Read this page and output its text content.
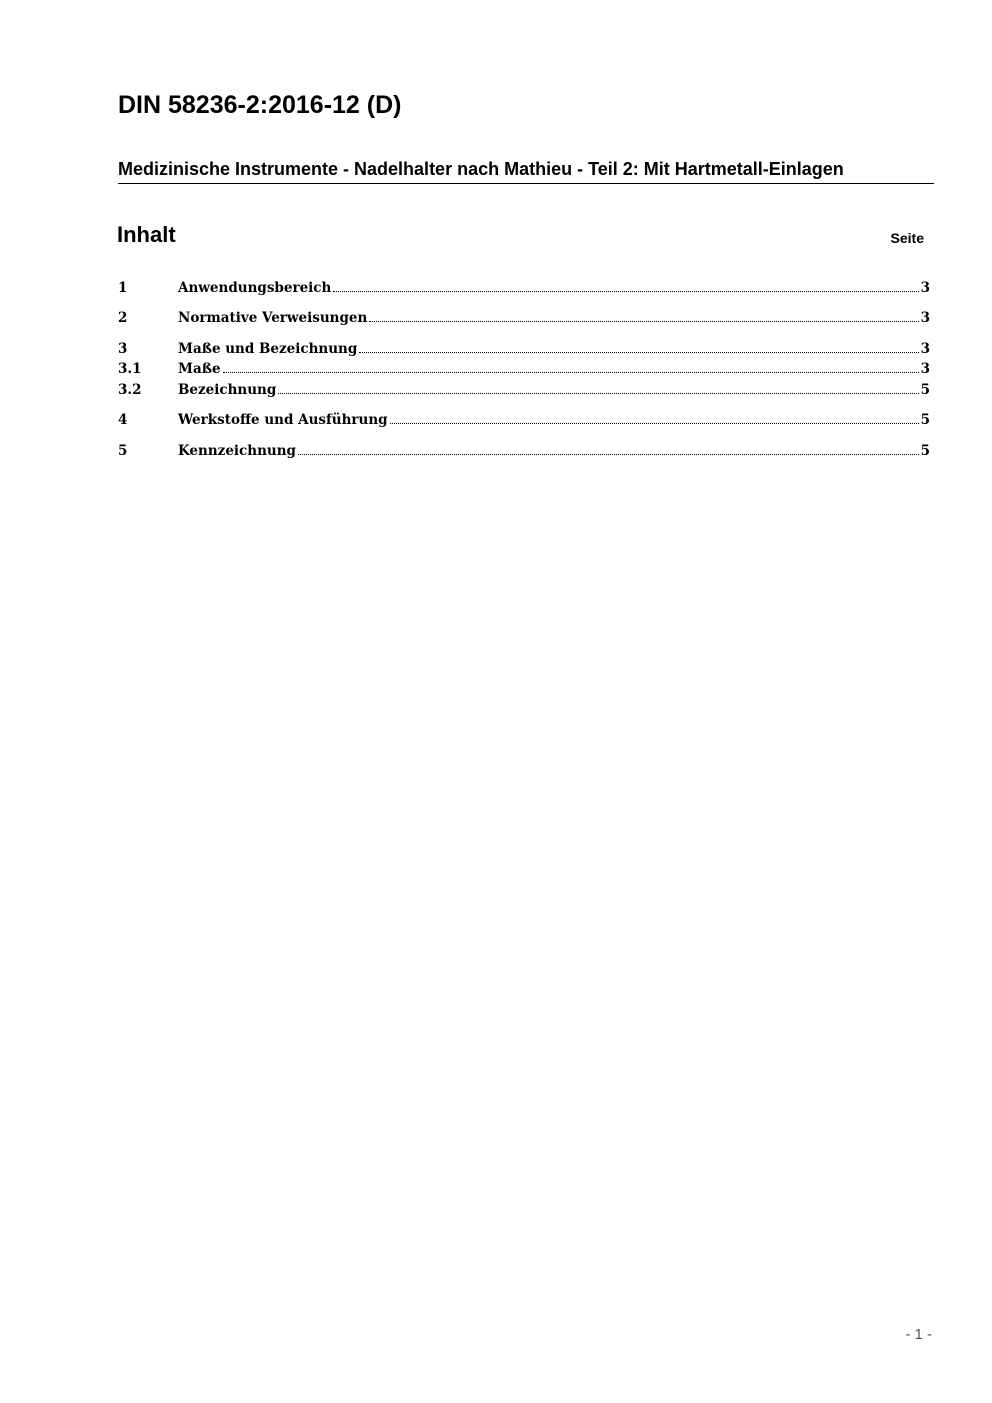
DIN 58236-2:2016-12 (D)
Medizinische Instrumente - Nadelhalter nach Mathieu - Teil 2: Mit Hartmetall-Einlagen
Inhalt	Seite
1	Anwendungsbereich	3
2	Normative Verweisungen	3
3	Maße und Bezeichnung	3
3.1	Maße	3
3.2	Bezeichnung	5
4	Werkstoffe und Ausführung	5
5	Kennzeichnung	5
- 1 -
